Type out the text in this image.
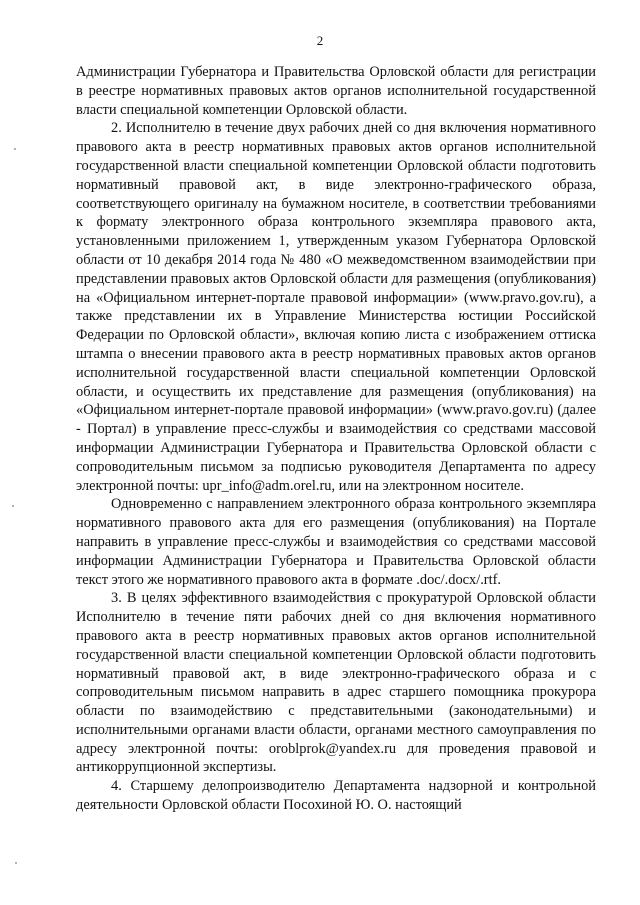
2

Администрации Губернатора и Правительства Орловской области для регистрации в реестре нормативных правовых актов органов исполнительной государственной власти специальной компетенции Орловской области.

2. Исполнителю в течение двух рабочих дней со дня включения нормативного правового акта в реестр нормативных правовых актов органов исполнительной государственной власти специальной компетенции Орловской области подготовить нормативный правовой акт, в виде электронно-графического образа, соответствующего оригиналу на бумажном носителе, в соответствии требованиями к формату электронного образа контрольного экземпляра правового акта, установленными приложением 1, утвержденным указом Губернатора Орловской области от 10 декабря 2014 года № 480 «О межведомственном взаимодействии при представлении правовых актов Орловской области для размещения (опубликования) на «Официальном интернет-портале правовой информации» (www.pravo.gov.ru), а также представлении их в Управление Министерства юстиции Российской Федерации по Орловской области», включая копию листа с изображением оттиска штампа о внесении правового акта в реестр нормативных правовых актов органов исполнительной государственной власти специальной компетенции Орловской области, и осуществить их представление для размещения (опубликования) на «Официальном интернет-портале правовой информации» (www.pravo.gov.ru) (далее - Портал) в управление пресс-службы и взаимодействия со средствами массовой информации Администрации Губернатора и Правительства Орловской области с сопроводительным письмом за подписью руководителя Департамента по адресу электронной почты: upr_info@adm.orel.ru, или на электронном носителе.

Одновременно с направлением электронного образа контрольного экземпляра нормативного правового акта для его размещения (опубликования) на Портале направить в управление пресс-службы и взаимодействия со средствами массовой информации Администрации Губернатора и Правительства Орловской области текст этого же нормативного правового акта в формате .doc/.docx/.rtf.

3. В целях эффективного взаимодействия с прокуратурой Орловской области Исполнителю в течение пяти рабочих дней со дня включения нормативного правового акта в реестр нормативных правовых актов органов исполнительной государственной власти специальной компетенции Орловской области подготовить нормативный правовой акт, в виде электронно-графического образа и с сопроводительным письмом направить в адрес старшего помощника прокурора области по взаимодействию с представительными (законодательными) и исполнительными органами власти области, органами местного самоуправления по адресу электронной почты: oroblprok@yandex.ru для проведения правовой и антикоррупционной экспертизы.

4. Старшему делопроизводителю Департамента надзорной и контрольной деятельности Орловской области Посохиной Ю. О. настоящий
